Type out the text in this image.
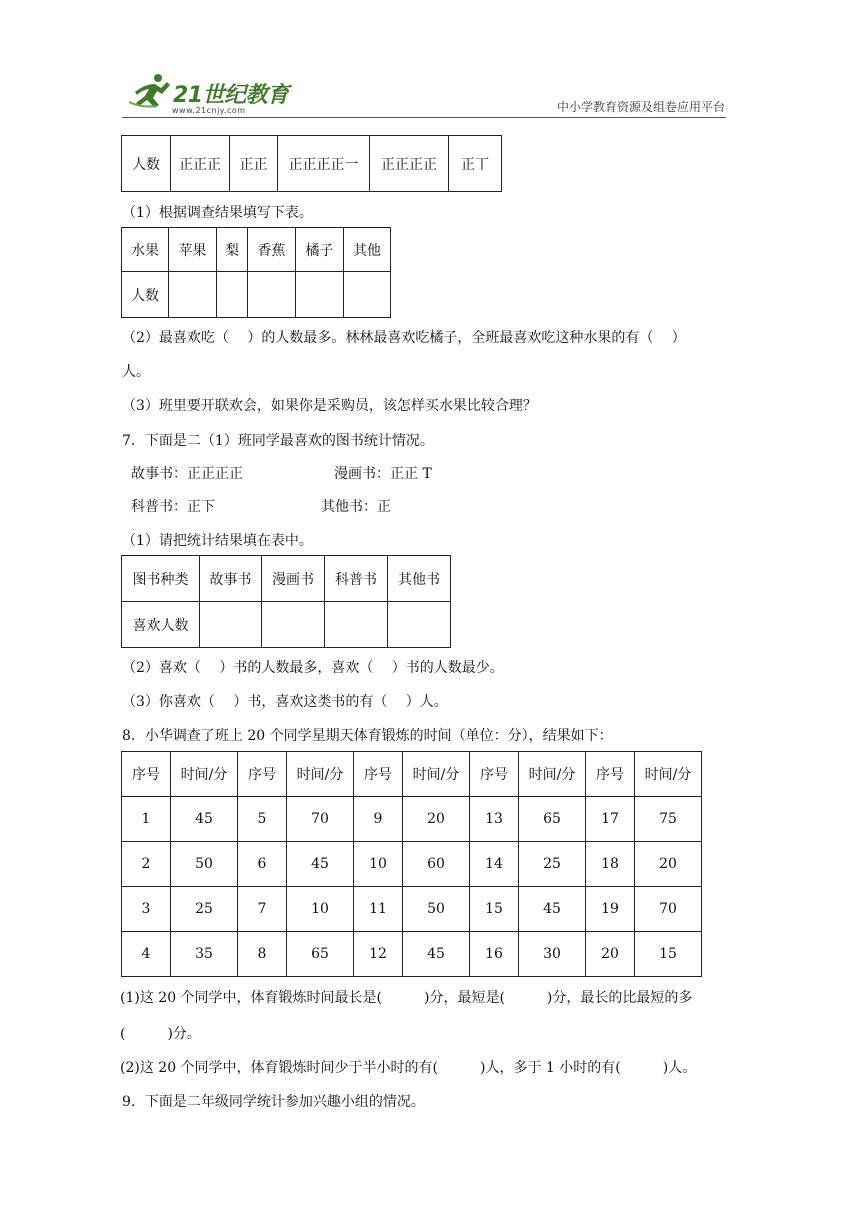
21世纪教育
www.21cnjy.com	中小学教育资源及组卷应用平台
人数	正正正	正正	正正正正一	正正正正	正丅
（1）根据调查结果填写下表。
水果	苹果	梨	香蕉	橘子	其他
人数					
（2）最喜欢吃（　 ）的人数最多。林林最喜欢吃橘子，全班最喜欢吃这种水果的有（　 ）
人。
（3）班里要开联欢会，如果你是采购员，该怎样买水果比较合理？
7．下面是二（1）班同学最喜欢的图书统计情况。
故事书：正正正正	漫画书：正正 T
科普书：正下	其他书：正
（1）请把统计结果填在表中。
图书种类	故事书	漫画书	科普书	其他书
喜欢人数				
（2）喜欢（　 ）书的人数最多，喜欢（　 ）书的人数最少。
（3）你喜欢（　 ）书，喜欢这类书的有（　 ）人。
8．小华调查了班上 20 个同学星期天体育锻炼的时间（单位：分），结果如下：
序号	时间/分	序号	时间/分	序号	时间/分	序号	时间/分	序号	时间/分
1	45	5	70	9	20	13	65	17	75
2	50	6	45	10	60	14	25	18	20
3	25	7	10	11	50	15	45	19	70
4	35	8	65	12	45	16	30	20	15
(1)这 20 个同学中，体育锻炼时间最长是(　　　)分，最短是(　　　)分，最长的比最短的多
(　　　)分。
(2)这 20 个同学中，体育锻炼时间少于半小时的有(　　　)人，多于 1 小时的有(　　　)人。
9．下面是二年级同学统计参加兴趣小组的情况。
